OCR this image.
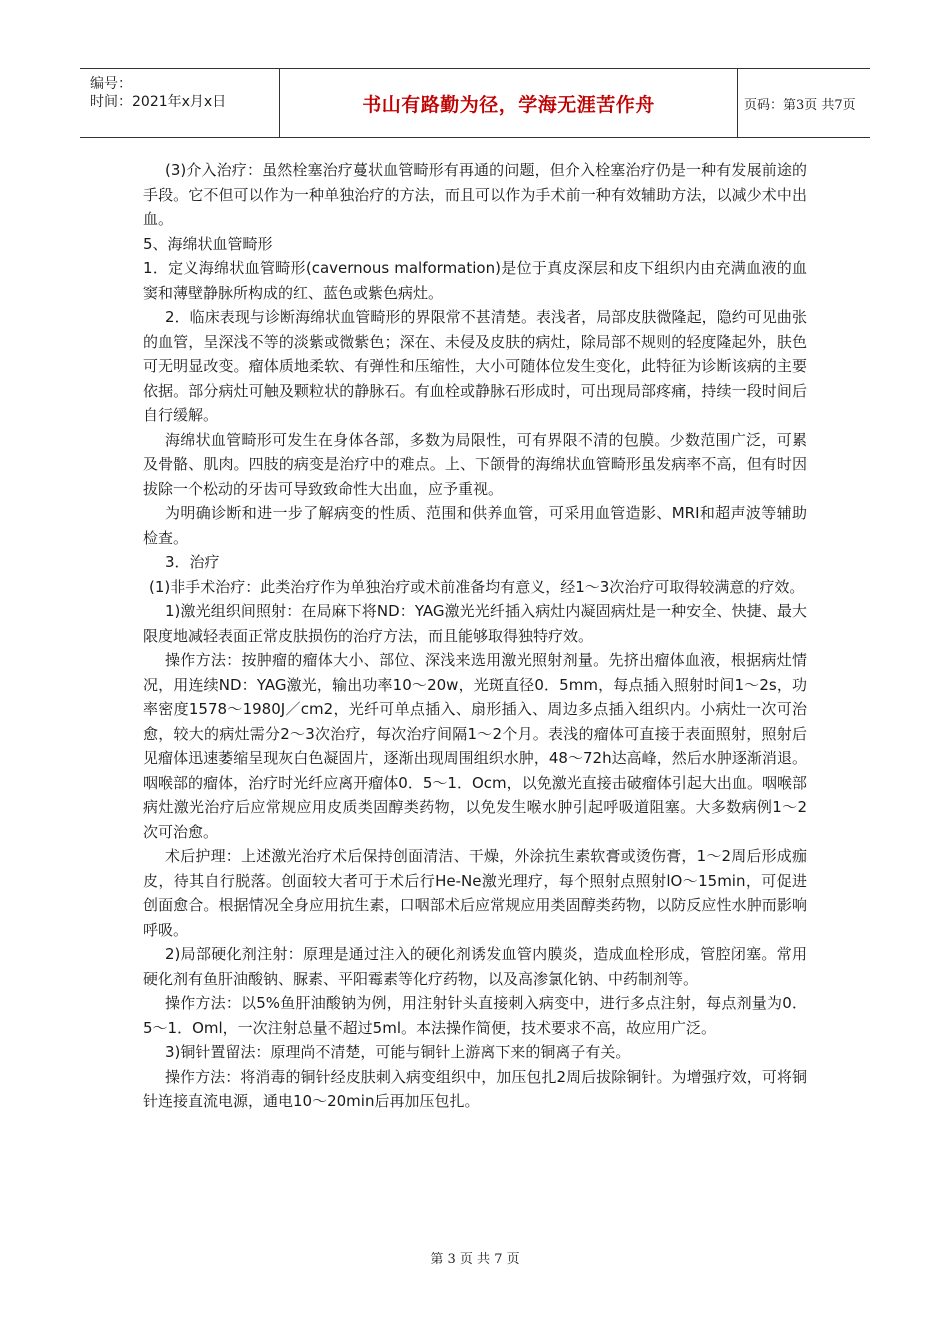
编号：
时间：2021年x月x日	书山有路勤为径，学海无涯苦作舟	页码：第3页 共7页

(3)介入治疗：虽然栓塞治疗蔓状血管畸形有再通的问题，但介入栓塞治疗仍是一种有发展前途的手段。它不但可以作为一种单独治疗的方法，而且可以作为手术前一种有效辅助方法，以减少术中出血。

5、海绵状血管畸形

1．定义海绵状血管畸形(cavernous malformation)是位于真皮深层和皮下组织内由充满血液的血窦和薄壁静脉所构成的红、蓝色或紫色病灶。

2．临床表现与诊断海绵状血管畸形的界限常不甚清楚。表浅者，局部皮肤微隆起，隐约可见曲张的血管，呈深浅不等的淡紫或微紫色；深在、未侵及皮肤的病灶，除局部不规则的轻度隆起外，肤色可无明显改变。瘤体质地柔软、有弹性和压缩性，大小可随体位发生变化，此特征为诊断该病的主要依据。部分病灶可触及颗粒状的静脉石。有血栓或静脉石形成时，可出现局部疼痛，持续一段时间后自行缓解。

海绵状血管畸形可发生在身体各部，多数为局限性，可有界限不清的包膜。少数范围广泛，可累及骨骼、肌肉。四肢的病变是治疗中的难点。上、下颌骨的海绵状血管畸形虽发病率不高，但有时因拔除一个松动的牙齿可导致致命性大出血，应予重视。

为明确诊断和进一步了解病变的性质、范围和供养血管，可采用血管造影、MRI和超声波等辅助检查。

3．治疗

(1)非手术治疗：此类治疗作为单独治疗或术前准备均有意义，经1～3次治疗可取得较满意的疗效。

1)激光组织间照射：在局麻下将ND：YAG激光光纤插入病灶内凝固病灶是一种安全、快捷、最大限度地减轻表面正常皮肤损伤的治疗方法，而且能够取得独特疗效。

操作方法：按肿瘤的瘤体大小、部位、深浅来选用激光照射剂量。先挤出瘤体血液，根据病灶情况，用连续ND：YAG激光，输出功率10～20w，光斑直径0．5mm，每点插入照射时间1～2s，功率密度1578～1980J／cm2，光纤可单点插入、扇形插入、周边多点插入组织内。小病灶一次可治愈，较大的病灶需分2～3次治疗，每次治疗间隔1～2个月。表浅的瘤体可直接于表面照射，照射后见瘤体迅速萎缩呈现灰白色凝固片，逐渐出现周围组织水肿，48～72h达高峰，然后水肿逐渐消退。咽喉部的瘤体，治疗时光纤应离开瘤体0．5～1．Ocm，以免激光直接击破瘤体引起大出血。咽喉部病灶激光治疗后应常规应用皮质类固醇类药物，以免发生喉水肿引起呼吸道阻塞。大多数病例1～2次可治愈。

术后护理：上述激光治疗术后保持创面清洁、干燥，外涂抗生素软膏或烫伤膏，1～2周后形成痂皮，待其自行脱落。创面较大者可于术后行He-Ne激光理疗，每个照射点照射lO～15min，可促进创面愈合。根据情况全身应用抗生素，口咽部术后应常规应用类固醇类药物，以防反应性水肿而影响呼吸。

2)局部硬化剂注射：原理是通过注入的硬化剂诱发血管内膜炎，造成血栓形成，管腔闭塞。常用硬化剂有鱼肝油酸钠、脲素、平阳霉素等化疗药物，以及高渗氯化钠、中药制剂等。

操作方法：以5%鱼肝油酸钠为例，用注射针头直接刺入病变中，进行多点注射，每点剂量为0．5～1．Oml，一次注射总量不超过5ml。本法操作简便，技术要求不高，故应用广泛。

3)铜针置留法：原理尚不清楚，可能与铜针上游离下来的铜离子有关。

操作方法：将消毒的铜针经皮肤刺入病变组织中，加压包扎2周后拔除铜针。为增强疗效，可将铜针连接直流电源，通电10～20min后再加压包扎。

第 3 页 共 7 页
